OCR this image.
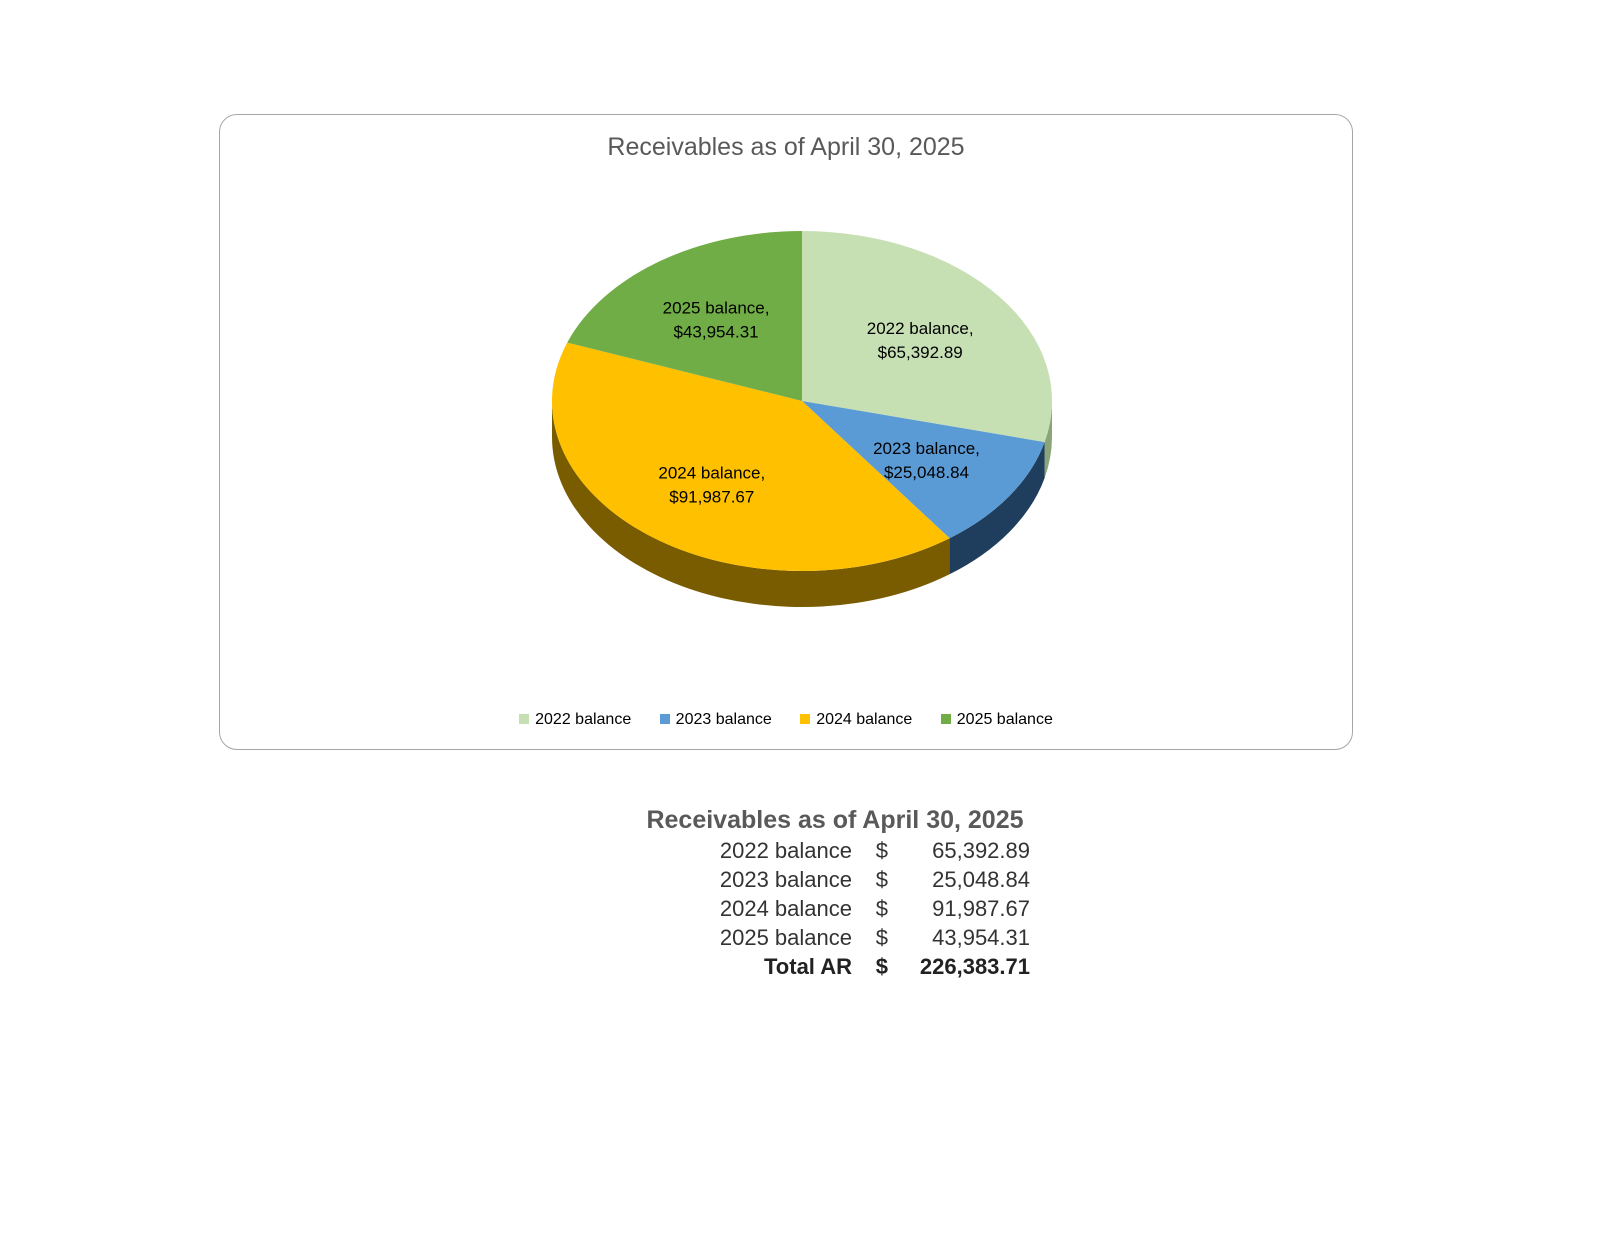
Receivables as of April 30, 2025
2022 balance, $65,392.89
2023 balance, $25,048.84
2024 balance, $91,987.67
2025 balance, $43,954.31
2022 balance	2023 balance	2024 balance	2025 balance
Receivables as of April 30, 2025
2022 balance	$	65,392.89
2023 balance	$	25,048.84
2024 balance	$	91,987.67
2025 balance	$	43,954.31
Total AR	$	226,383.71
